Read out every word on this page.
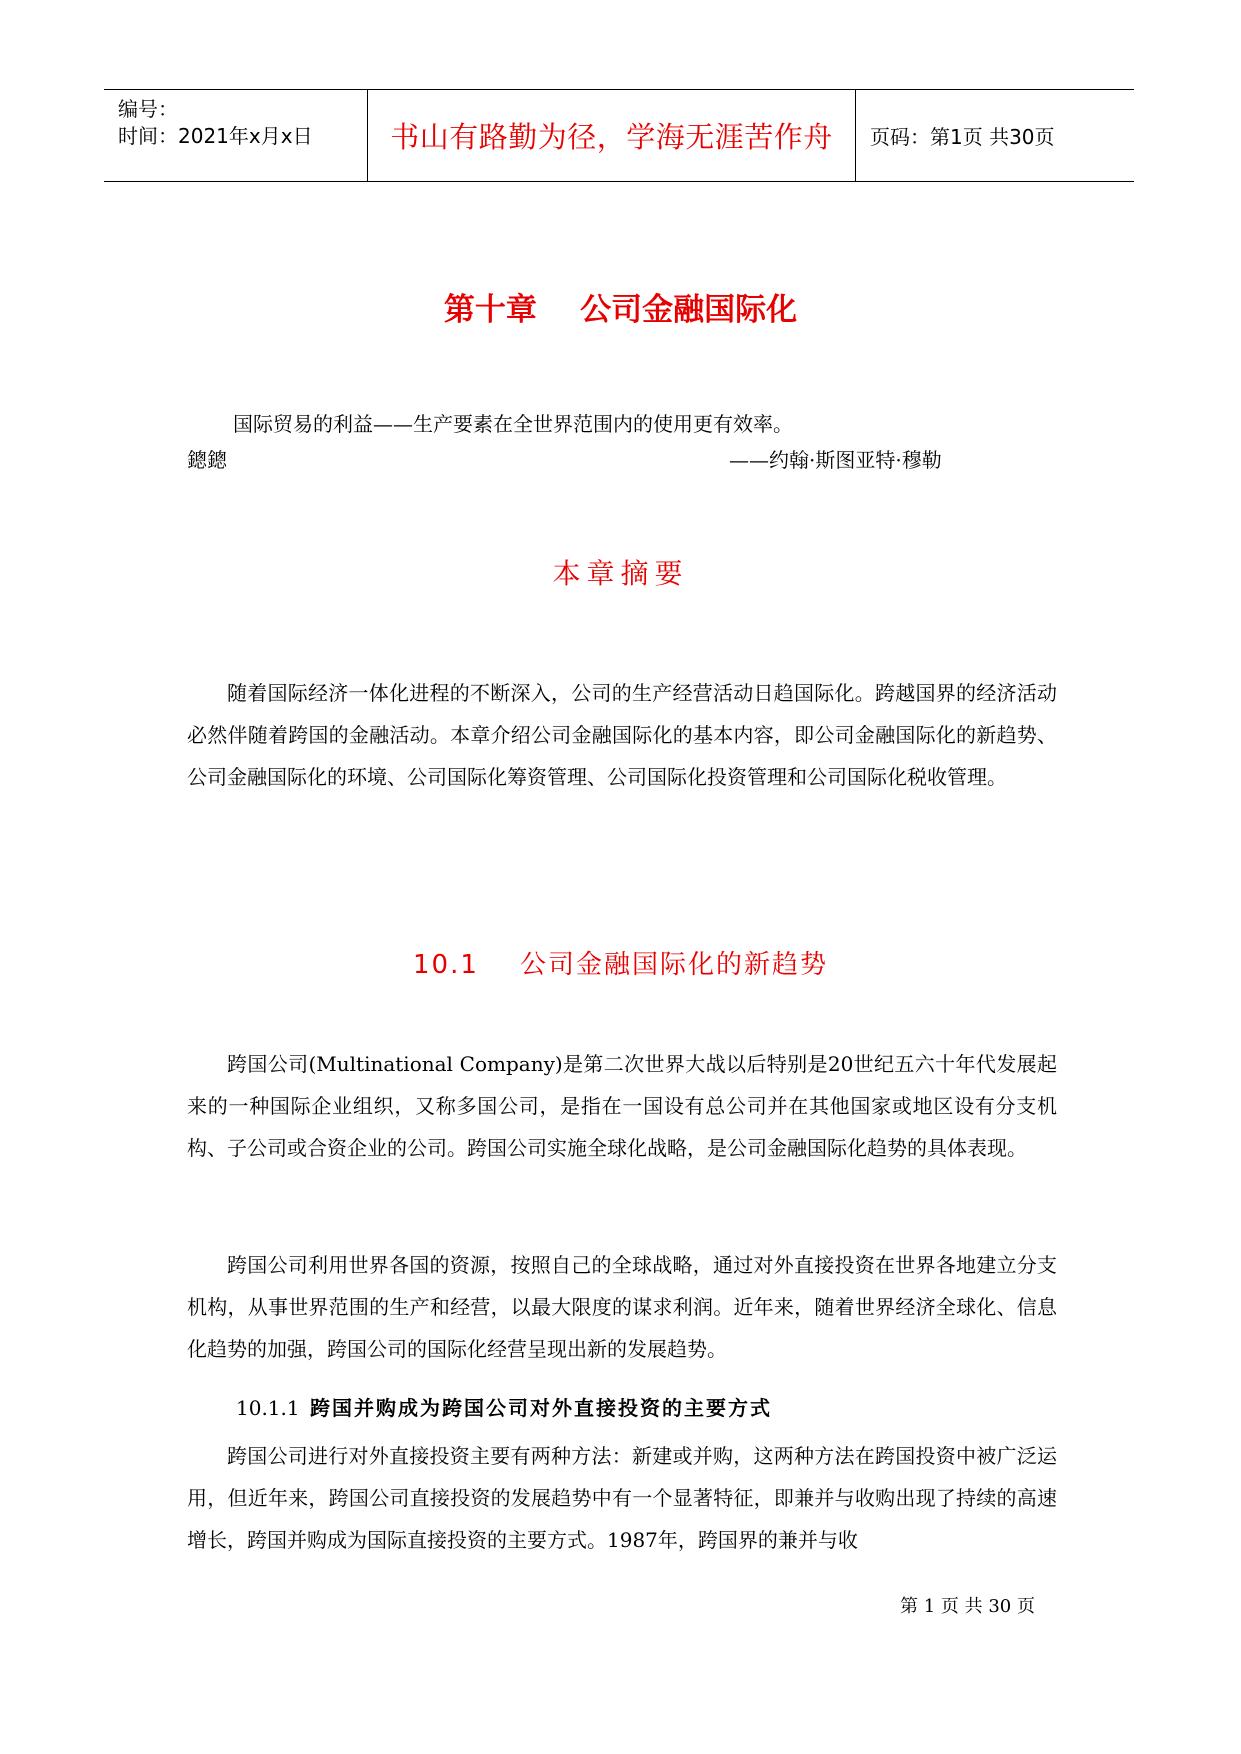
编号：
时间：2021年x月x日	书山有路勤为径，学海无涯苦作舟	页码：第1页 共30页
第十章    公司金融国际化
国际贸易的利益——生产要素在全世界范围内的使用更有效率。
鏓鏓	——约翰·斯图亚特·穆勒
本章摘要

随着国际经济一体化进程的不断深入，公司的生产经营活动日趋国际化。跨越国界的经济活动必然伴随着跨国的金融活动。本章介绍公司金融国际化的基本内容，即公司金融国际化的新趋势、公司金融国际化的环境、公司国际化筹资管理、公司国际化投资管理和公司国际化税收管理。

10.1    公司金融国际化的新趋势

跨国公司(Multinational Company)是第二次世界大战以后特别是20世纪五六十年代发展起来的一种国际企业组织，又称多国公司，是指在一国设有总公司并在其他国家或地区设有分支机构、子公司或合资企业的公司。跨国公司实施全球化战略，是公司金融国际化趋势的具体表现。

跨国公司利用世界各国的资源，按照自己的全球战略，通过对外直接投资在世界各地建立分支机构，从事世界范围的生产和经营，以最大限度的谋求利润。近年来，随着世界经济全球化、信息化趋势的加强，跨国公司的国际化经营呈现出新的发展趋势。

10.1.1 跨国并购成为跨国公司对外直接投资的主要方式

跨国公司进行对外直接投资主要有两种方法：新建或并购，这两种方法在跨国投资中被广泛运用，但近年来，跨国公司直接投资的发展趋势中有一个显著特征，即兼并与收购出现了持续的高速增长，跨国并购成为国际直接投资的主要方式。1987年，跨国界的兼并与收

第 1 页 共 30 页
